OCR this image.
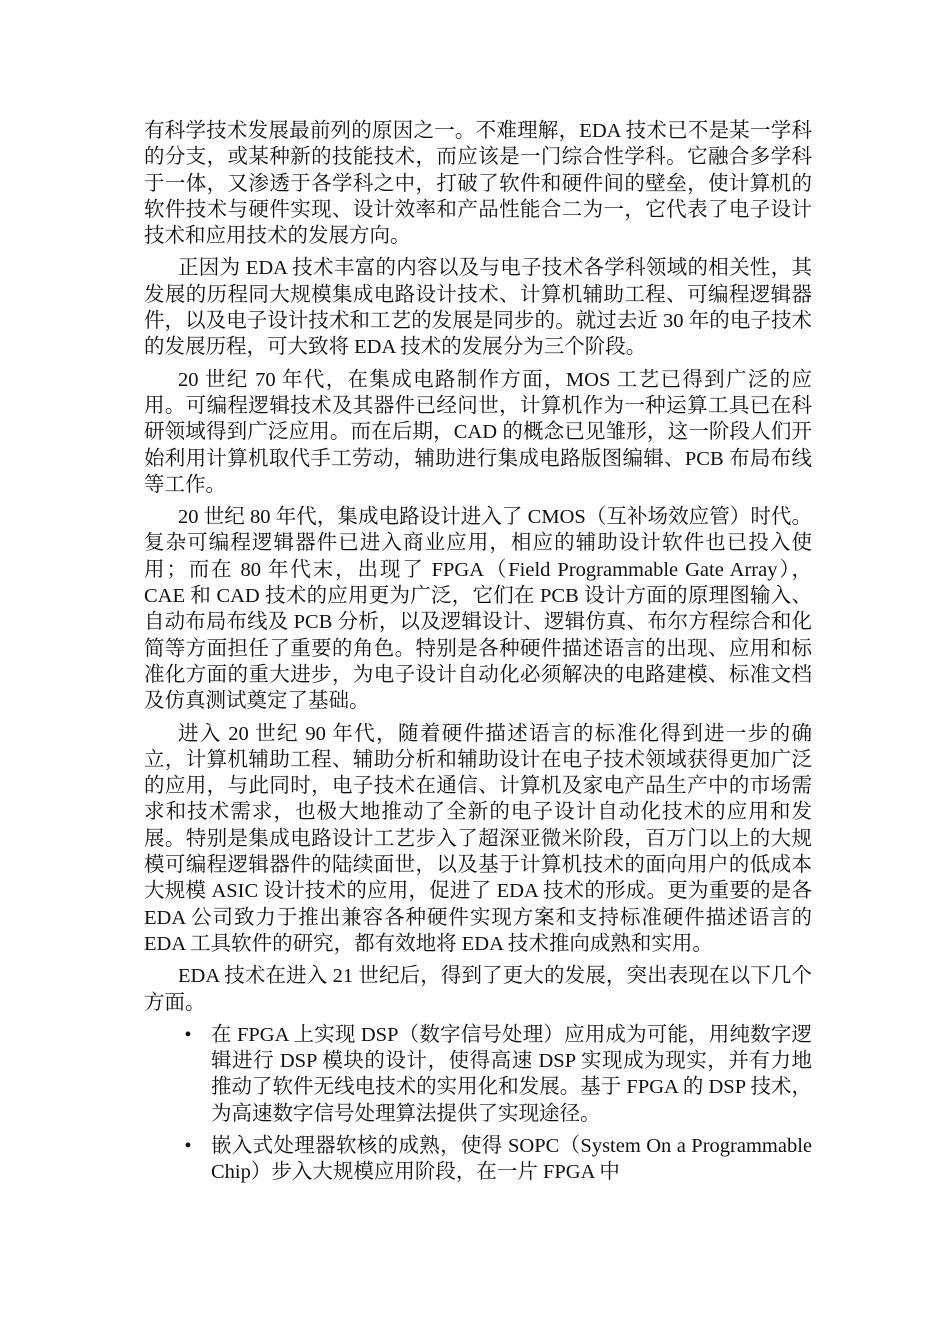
有科学技术发展最前列的原因之一。不难理解，EDA 技术已不是某一学科的分支，或某种新的技能技术，而应该是一门综合性学科。它融合多学科于一体，又渗透于各学科之中，打破了软件和硬件间的壁垒，使计算机的软件技术与硬件实现、设计效率和产品性能合二为一，它代表了电子设计技术和应用技术的发展方向。

正因为 EDA 技术丰富的内容以及与电子技术各学科领域的相关性，其发展的历程同大规模集成电路设计技术、计算机辅助工程、可编程逻辑器件，以及电子设计技术和工艺的发展是同步的。就过去近 30 年的电子技术的发展历程，可大致将 EDA 技术的发展分为三个阶段。

20 世纪 70 年代，在集成电路制作方面，MOS 工艺已得到广泛的应用。可编程逻辑技术及其器件已经问世，计算机作为一种运算工具已在科研领域得到广泛应用。而在后期，CAD 的概念已见雏形，这一阶段人们开始利用计算机取代手工劳动，辅助进行集成电路版图编辑、PCB 布局布线等工作。

20 世纪 80 年代，集成电路设计进入了 CMOS（互补场效应管）时代。复杂可编程逻辑器件已进入商业应用，相应的辅助设计软件也已投入使用；而在 80 年代末，出现了 FPGA（Field Programmable Gate Array），CAE 和 CAD 技术的应用更为广泛，它们在 PCB 设计方面的原理图输入、自动布局布线及 PCB 分析，以及逻辑设计、逻辑仿真、布尔方程综合和化简等方面担任了重要的角色。特别是各种硬件描述语言的出现、应用和标准化方面的重大进步，为电子设计自动化必须解决的电路建模、标准文档及仿真测试奠定了基础。

进入 20 世纪 90 年代，随着硬件描述语言的标准化得到进一步的确立，计算机辅助工程、辅助分析和辅助设计在电子技术领域获得更加广泛的应用，与此同时，电子技术在通信、计算机及家电产品生产中的市场需求和技术需求，也极大地推动了全新的电子设计自动化技术的应用和发展。特别是集成电路设计工艺步入了超深亚微米阶段，百万门以上的大规模可编程逻辑器件的陆续面世，以及基于计算机技术的面向用户的低成本大规模 ASIC 设计技术的应用，促进了 EDA 技术的形成。更为重要的是各 EDA 公司致力于推出兼容各种硬件实现方案和支持标准硬件描述语言的 EDA 工具软件的研究，都有效地将 EDA 技术推向成熟和实用。

EDA 技术在进入 21 世纪后，得到了更大的发展，突出表现在以下几个方面。

• 在 FPGA 上实现 DSP（数字信号处理）应用成为可能，用纯数字逻辑进行 DSP 模块的设计，使得高速 DSP 实现成为现实，并有力地推动了软件无线电技术的实用化和发展。基于 FPGA 的 DSP 技术，为高速数字信号处理算法提供了实现途径。
• 嵌入式处理器软核的成熟，使得 SOPC（System On a Programmable Chip）步入大规模应用阶段，在一片 FPGA 中
